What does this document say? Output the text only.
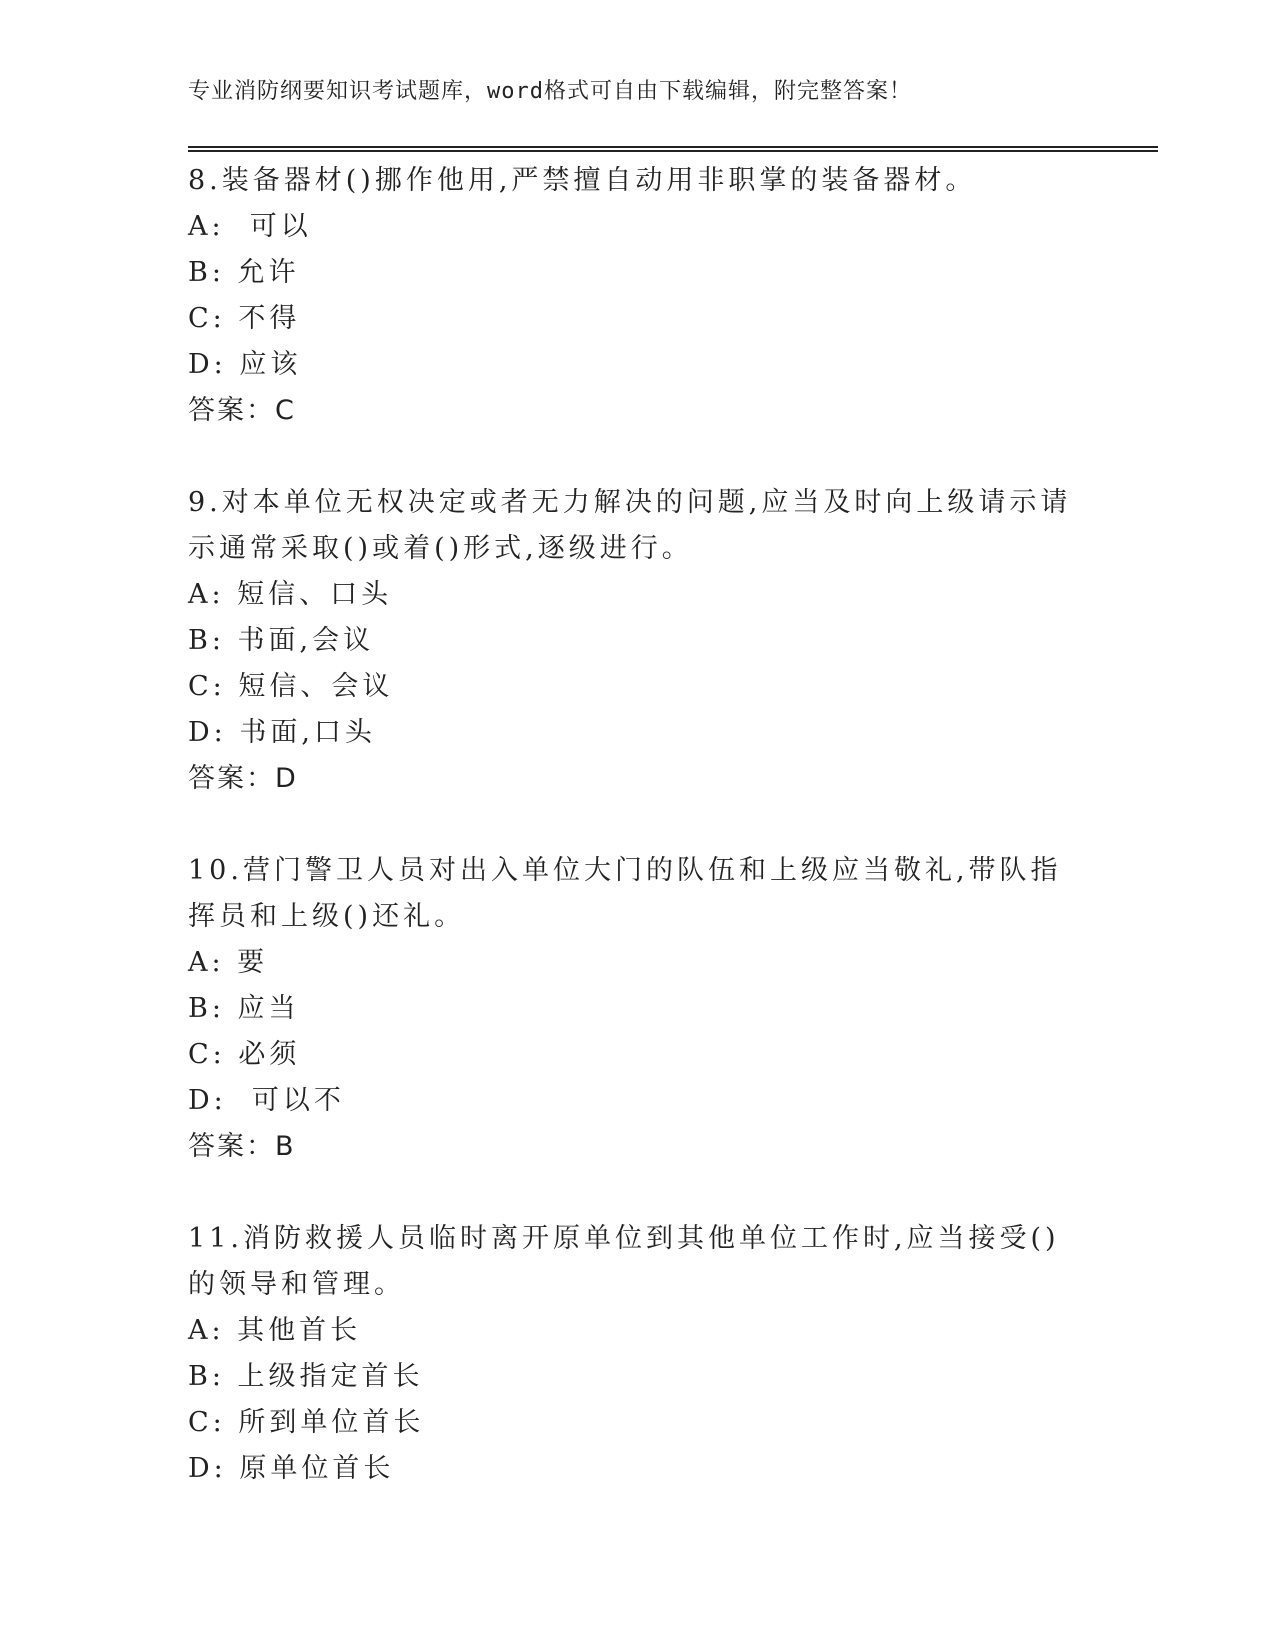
专业消防纲要知识考试题库，word格式可自由下载编辑，附完整答案！

8.装备器材()挪作他用,严禁擅自动用非职掌的装备器材。

A:  可以
B: 允许
C: 不得
D: 应该
答案：C

9.对本单位无权决定或者无力解决的问题,应当及时向上级请示请示通常采取()或着()形式,逐级进行。

A: 短信、口头
B: 书面,会议
C: 短信、会议
D: 书面,口头
答案：D

10.营门警卫人员对出入单位大门的队伍和上级应当敬礼,带队指挥员和上级()还礼。

A: 要
B: 应当
C: 必须
D:  可以不
答案：B

11.消防救援人员临时离开原单位到其他单位工作时,应当接受()的领导和管理。

A: 其他首长
B: 上级指定首长
C: 所到单位首长
D: 原单位首长
